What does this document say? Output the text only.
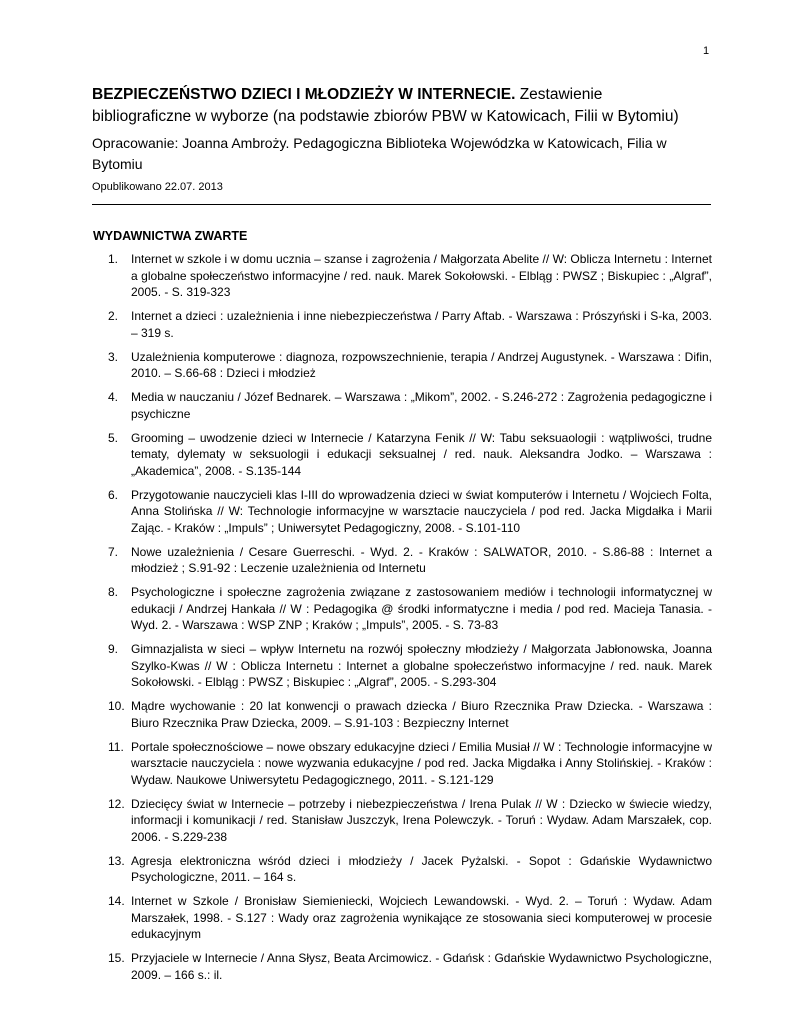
1
BEZPIECZEŃSTWO DZIECI I MŁODZIEŻY W INTERNECIE. Zestawienie bibliograficzne w wyborze (na podstawie zbiorów PBW w Katowicach, Filii w Bytomiu)
Opracowanie: Joanna Ambroży. Pedagogiczna Biblioteka Wojewódzka w Katowicach, Filia w Bytomiu
Opublikowano 22.07. 2013
WYDAWNICTWA ZWARTE
1.	Internet w szkole i w domu ucznia – szanse i zagrożenia / Małgorzata Abelite // W: Oblicza Internetu : Internet a globalne społeczeństwo informacyjne / red. nauk. Marek Sokołowski. - Elbląg : PWSZ ; Biskupiec : „Algraf”, 2005. - S. 319-323
2.	Internet a dzieci : uzależnienia i inne niebezpieczeństwa / Parry Aftab. - Warszawa : Prószyński i S-ka, 2003. – 319 s.
3.	Uzależnienia komputerowe : diagnoza, rozpowszechnienie, terapia / Andrzej Augustynek. - Warszawa : Difin, 2010. – S.66-68 : Dzieci i młodzież
4.	Media w nauczaniu / Józef Bednarek. – Warszawa : „Mikom”, 2002. - S.246-272 : Zagrożenia pedagogiczne i psychiczne
5.	Grooming – uwodzenie dzieci w Internecie / Katarzyna Fenik // W: Tabu seksuaologii : wątpliwości, trudne tematy, dylematy w seksuologii i edukacji seksualnej / red. nauk. Aleksandra Jodko. – Warszawa : „Akademica”, 2008. - S.135-144
6.	Przygotowanie nauczycieli klas I-III do wprowadzenia dzieci w świat komputerów i Internetu / Wojciech Folta, Anna Stolińska // W: Technologie informacyjne w warsztacie nauczyciela / pod red. Jacka Migdałka i Marii Zając. - Kraków : „Impuls” ; Uniwersytet Pedagogiczny, 2008. - S.101-110
7.	Nowe uzależnienia / Cesare Guerreschi. - Wyd. 2. - Kraków : SALWATOR, 2010. - S.86-88 : Internet a młodzież ; S.91-92 : Leczenie uzależnienia od Internetu
8.	Psychologiczne i społeczne zagrożenia związane z zastosowaniem mediów i technologii informatycznej w edukacji / Andrzej Hankała // W : Pedagogika @ środki informatyczne i media / pod red. Macieja Tanasia. - Wyd. 2. - Warszawa : WSP ZNP ; Kraków ; „Impuls”, 2005. - S. 73-83
9.	Gimnazjalista w sieci – wpływ Internetu na rozwój społeczny młodzieży / Małgorzata Jabłonowska, Joanna Szylko-Kwas // W : Oblicza Internetu : Internet a globalne społeczeństwo informacyjne / red. nauk. Marek Sokołowski. - Elbląg : PWSZ ; Biskupiec : „Algraf”, 2005. - S.293-304
10. Mądre wychowanie : 20 lat konwencji o prawach dziecka / Biuro Rzecznika Praw Dziecka. - Warszawa : Biuro Rzecznika Praw Dziecka, 2009. – S.91-103 : Bezpieczny Internet
11. Portale społecznościowe – nowe obszary edukacyjne dzieci / Emilia Musiał // W : Technologie informacyjne w warsztacie nauczyciela : nowe wyzwania edukacyjne / pod red. Jacka Migdałka i Anny Stolińskiej. - Kraków : Wydaw. Naukowe Uniwersytetu Pedagogicznego, 2011. - S.121-129
12. Dziecięcy świat w Internecie – potrzeby i niebezpieczeństwa / Irena Pulak // W : Dziecko w świecie wiedzy, informacji i komunikacji / red. Stanisław Juszczyk, Irena Polewczyk. - Toruń : Wydaw. Adam Marszałek, cop. 2006. - S.229-238
13. Agresja elektroniczna wśród dzieci i młodzieży / Jacek Pyżalski. - Sopot : Gdańskie Wydawnictwo Psychologiczne, 2011. – 164 s.
14. Internet w Szkole / Bronisław Siemieniecki, Wojciech Lewandowski. - Wyd. 2. – Toruń : Wydaw. Adam Marszałek, 1998. - S.127 : Wady oraz zagrożenia wynikające ze stosowania sieci komputerowej w procesie edukacyjnym
15. Przyjaciele w Internecie / Anna Słysz, Beata Arcimowicz. - Gdańsk : Gdańskie Wydawnictwo Psychologiczne, 2009. – 166 s.: il.
